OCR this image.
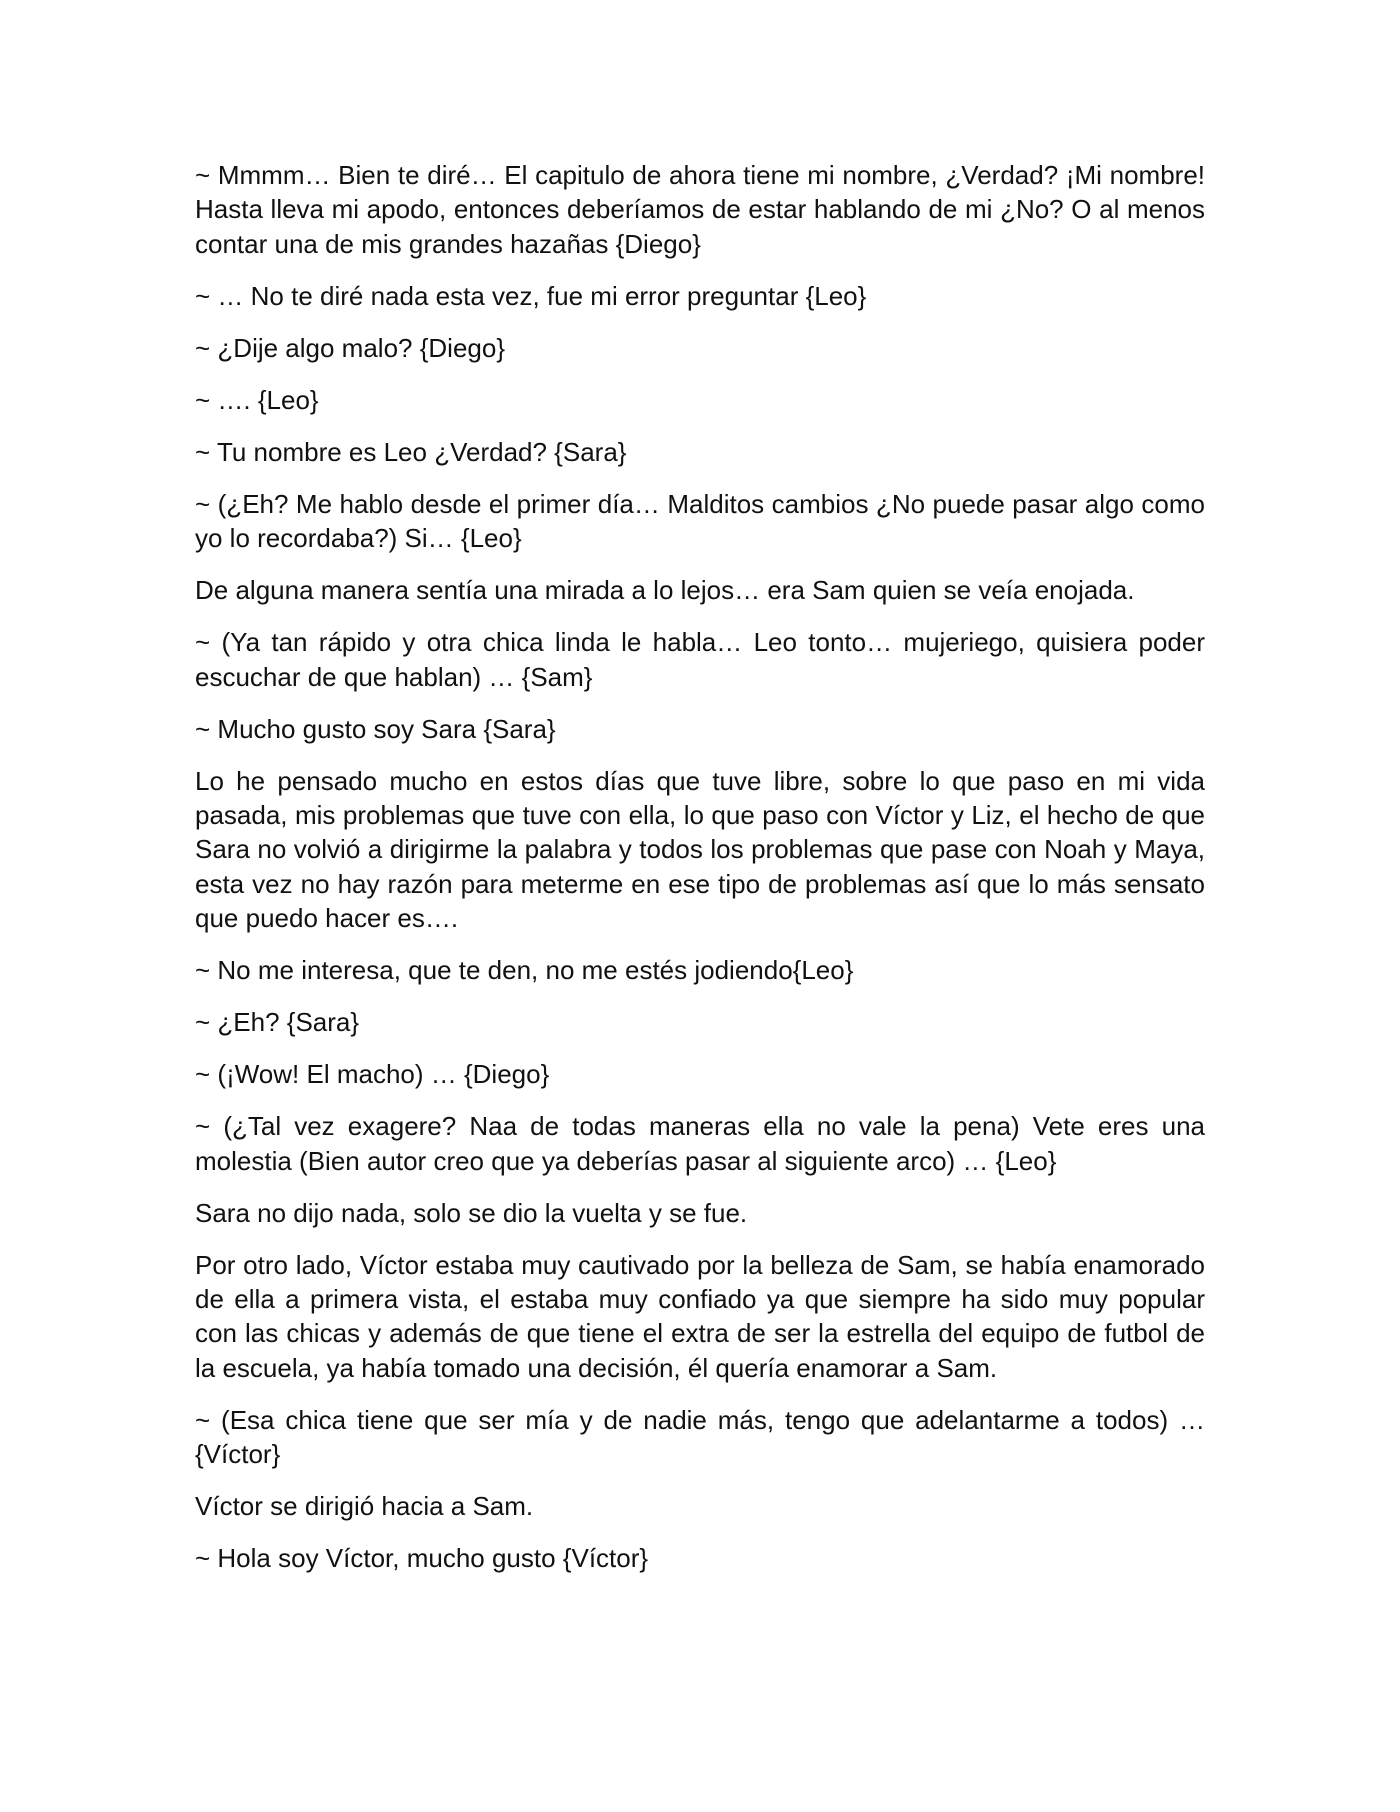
~ Mmmm… Bien te diré… El capitulo de ahora tiene mi nombre, ¿Verdad? ¡Mi nombre! Hasta lleva mi apodo, entonces deberíamos de estar hablando de mi ¿No? O al menos contar una de mis grandes hazañas {Diego}

~ … No te diré nada esta vez, fue mi error preguntar {Leo}

~ ¿Dije algo malo? {Diego}

~ …. {Leo}

~ Tu nombre es Leo ¿Verdad? {Sara}

~ (¿Eh? Me hablo desde el primer día… Malditos cambios ¿No puede pasar algo como yo lo recordaba?) Si… {Leo}

De alguna manera sentía una mirada a lo lejos… era Sam quien se veía enojada.

~ (Ya tan rápido y otra chica linda le habla… Leo tonto… mujeriego, quisiera poder escuchar de que hablan) … {Sam}

~ Mucho gusto soy Sara {Sara}

Lo he pensado mucho en estos días que tuve libre, sobre lo que paso en mi vida pasada, mis problemas que tuve con ella, lo que paso con Víctor y Liz, el hecho de que Sara no volvió a dirigirme la palabra y todos los problemas que pase con Noah y Maya, esta vez no hay razón para meterme en ese tipo de problemas así que lo más sensato que puedo hacer es….

~ No me interesa, que te den, no me estés jodiendo{Leo}

~ ¿Eh? {Sara}

~ (¡Wow! El macho) … {Diego}

~ (¿Tal vez exagere? Naa de todas maneras ella no vale la pena) Vete eres una molestia (Bien autor creo que ya deberías pasar al siguiente arco) … {Leo}

Sara no dijo nada, solo se dio la vuelta y se fue.

Por otro lado, Víctor estaba muy cautivado por la belleza de Sam, se había enamorado de ella a primera vista, el estaba muy confiado ya que siempre ha sido muy popular con las chicas y además de que tiene el extra de ser la estrella del equipo de futbol de la escuela, ya había tomado una decisión, él quería enamorar a Sam.

~ (Esa chica tiene que ser mía y de nadie más, tengo que adelantarme a todos) … {Víctor}

Víctor se dirigió hacia a Sam.

~ Hola soy Víctor, mucho gusto {Víctor}
